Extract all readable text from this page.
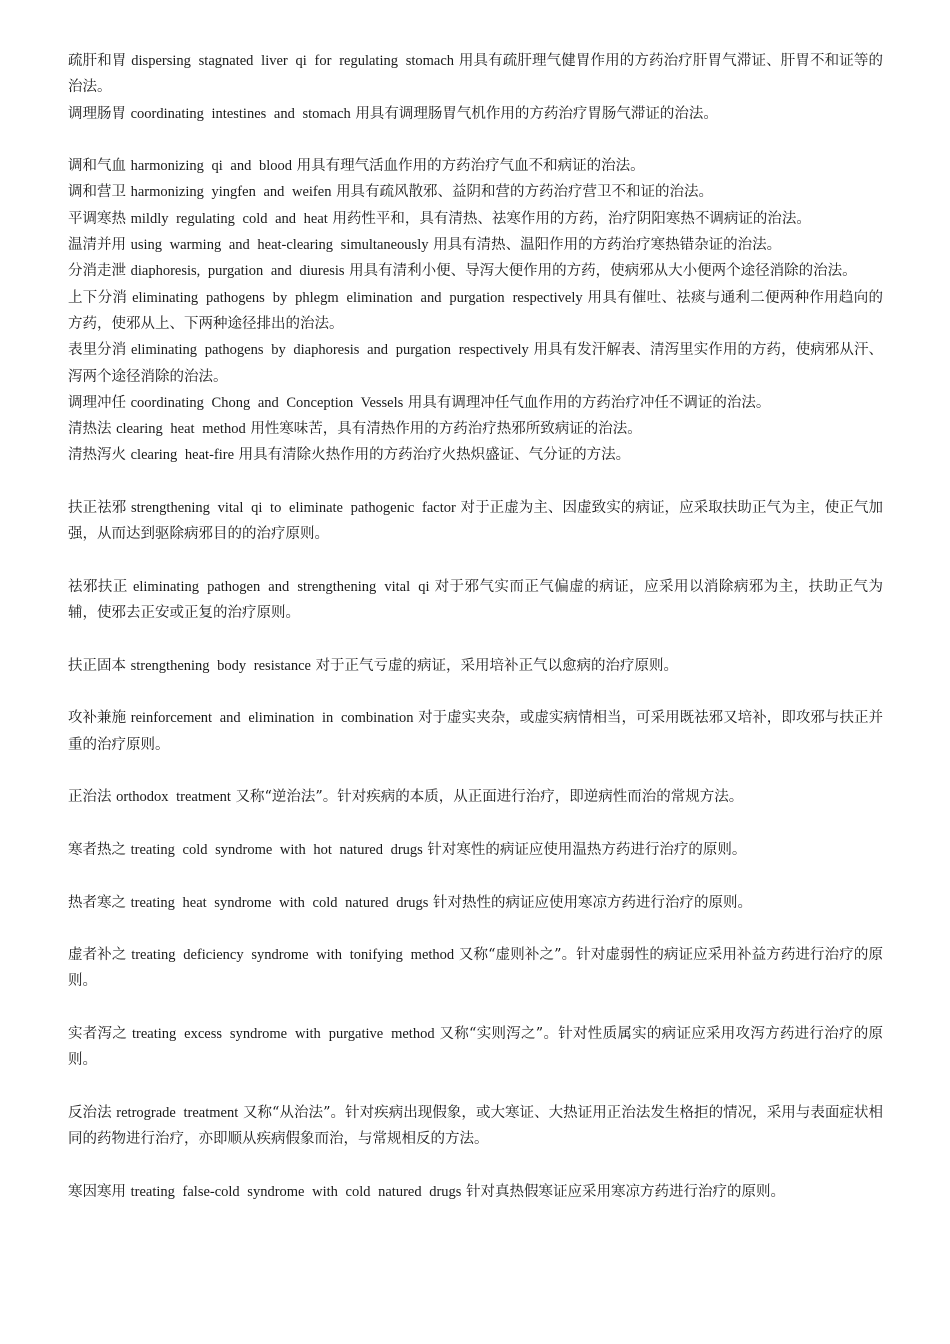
疏肝和胃 dispersing stagnated liver qi for regulating stomach 用具有疏肝理气健胃作用的方药治疗肝胃气滞证、肝胃不和证等的治法。

调理肠胃 coordinating intestines and stomach 用具有调理肠胃气机作用的方药治疗胃肠气滞证的治法。

调和气血 harmonizing qi and blood 用具有理气活血作用的方药治疗气血不和病证的治法。

调和营卫 harmonizing yingfen and weifen 用具有疏风散邪、益阴和营的方药治疗营卫不和证的治法。

平调寒热 mildly regulating cold and heat 用药性平和，具有清热、祛寒作用的方药，治疗阴阳寒热不调病证的治法。

温清并用 using warming and heat-clearing simultaneously 用具有清热、温阳作用的方药治疗寒热错杂证的治法。

分消走泄 diaphoresis, purgation and diuresis 用具有清利小便、导泻大便作用的方药，使病邪从大小便两个途径消除的治法。

上下分消 eliminating pathogens by phlegm elimination and purgation respectively 用具有催吐、祛痰与通利二便两种作用趋向的方药，使邪从上、下两种途径排出的治法。

表里分消 eliminating pathogens by diaphoresis and purgation respectively 用具有发汗解表、清泻里实作用的方药，使病邪从汗、泻两个途径消除的治法。

调理冲任 coordinating Chong and Conception Vessels 用具有调理冲任气血作用的方药治疗冲任不调证的治法。

清热法 clearing heat method 用性寒味苦，具有清热作用的方药治疗热邪所致病证的治法。

清热泻火 clearing heat-fire 用具有清除火热作用的方药治疗火热炽盛证、气分证的方法。

扶正祛邪 strengthening vital qi to eliminate pathogenic factor 对于正虚为主、因虚致实的病证，应采取扶助正气为主，使正气加强，从而达到驱除病邪目的的治疗原则。

祛邪扶正 eliminating pathogen and strengthening vital qi 对于邪气实而正气偏虚的病证，应采用以消除病邪为主，扶助正气为辅，使邪去正安或正复的治疗原则。

扶正固本 strengthening body resistance 对于正气亏虚的病证，采用培补正气以愈病的治疗原则。

攻补兼施 reinforcement and elimination in combination 对于虚实夹杂，或虚实病情相当，可采用既祛邪又培补，即攻邪与扶正并重的治疗原则。

正治法 orthodox treatment 又称“逆治法”。针对疾病的本质，从正面进行治疗，即逆病性而治的常规方法。

寒者热之 treating cold syndrome with hot natured drugs 针对寒性的病证应使用温热方药进行治疗的原则。

热者寒之 treating heat syndrome with cold natured drugs 针对热性的病证应使用寒凉方药进行治疗的原则。

虚者补之 treating deficiency syndrome with tonifying method 又称“虚则补之”。针对虚弱性的病证应采用补益方药进行治疗的原则。

实者泻之 treating excess syndrome with purgative method 又称“实则泻之”。针对性质属实的病证应采用攻泻方药进行治疗的原则。

反治法 retrograde treatment 又称“从治法”。针对疾病出现假象，或大寒证、大热证用正治法发生格拒的情况，采用与表面症状相同的药物进行治疗，亦即顺从疾病假象而治，与常规相反的方法。

寒因寒用 treating false-cold syndrome with cold natured drugs 针对真热假寒证应采用寒凉方药进行治疗的原则。
